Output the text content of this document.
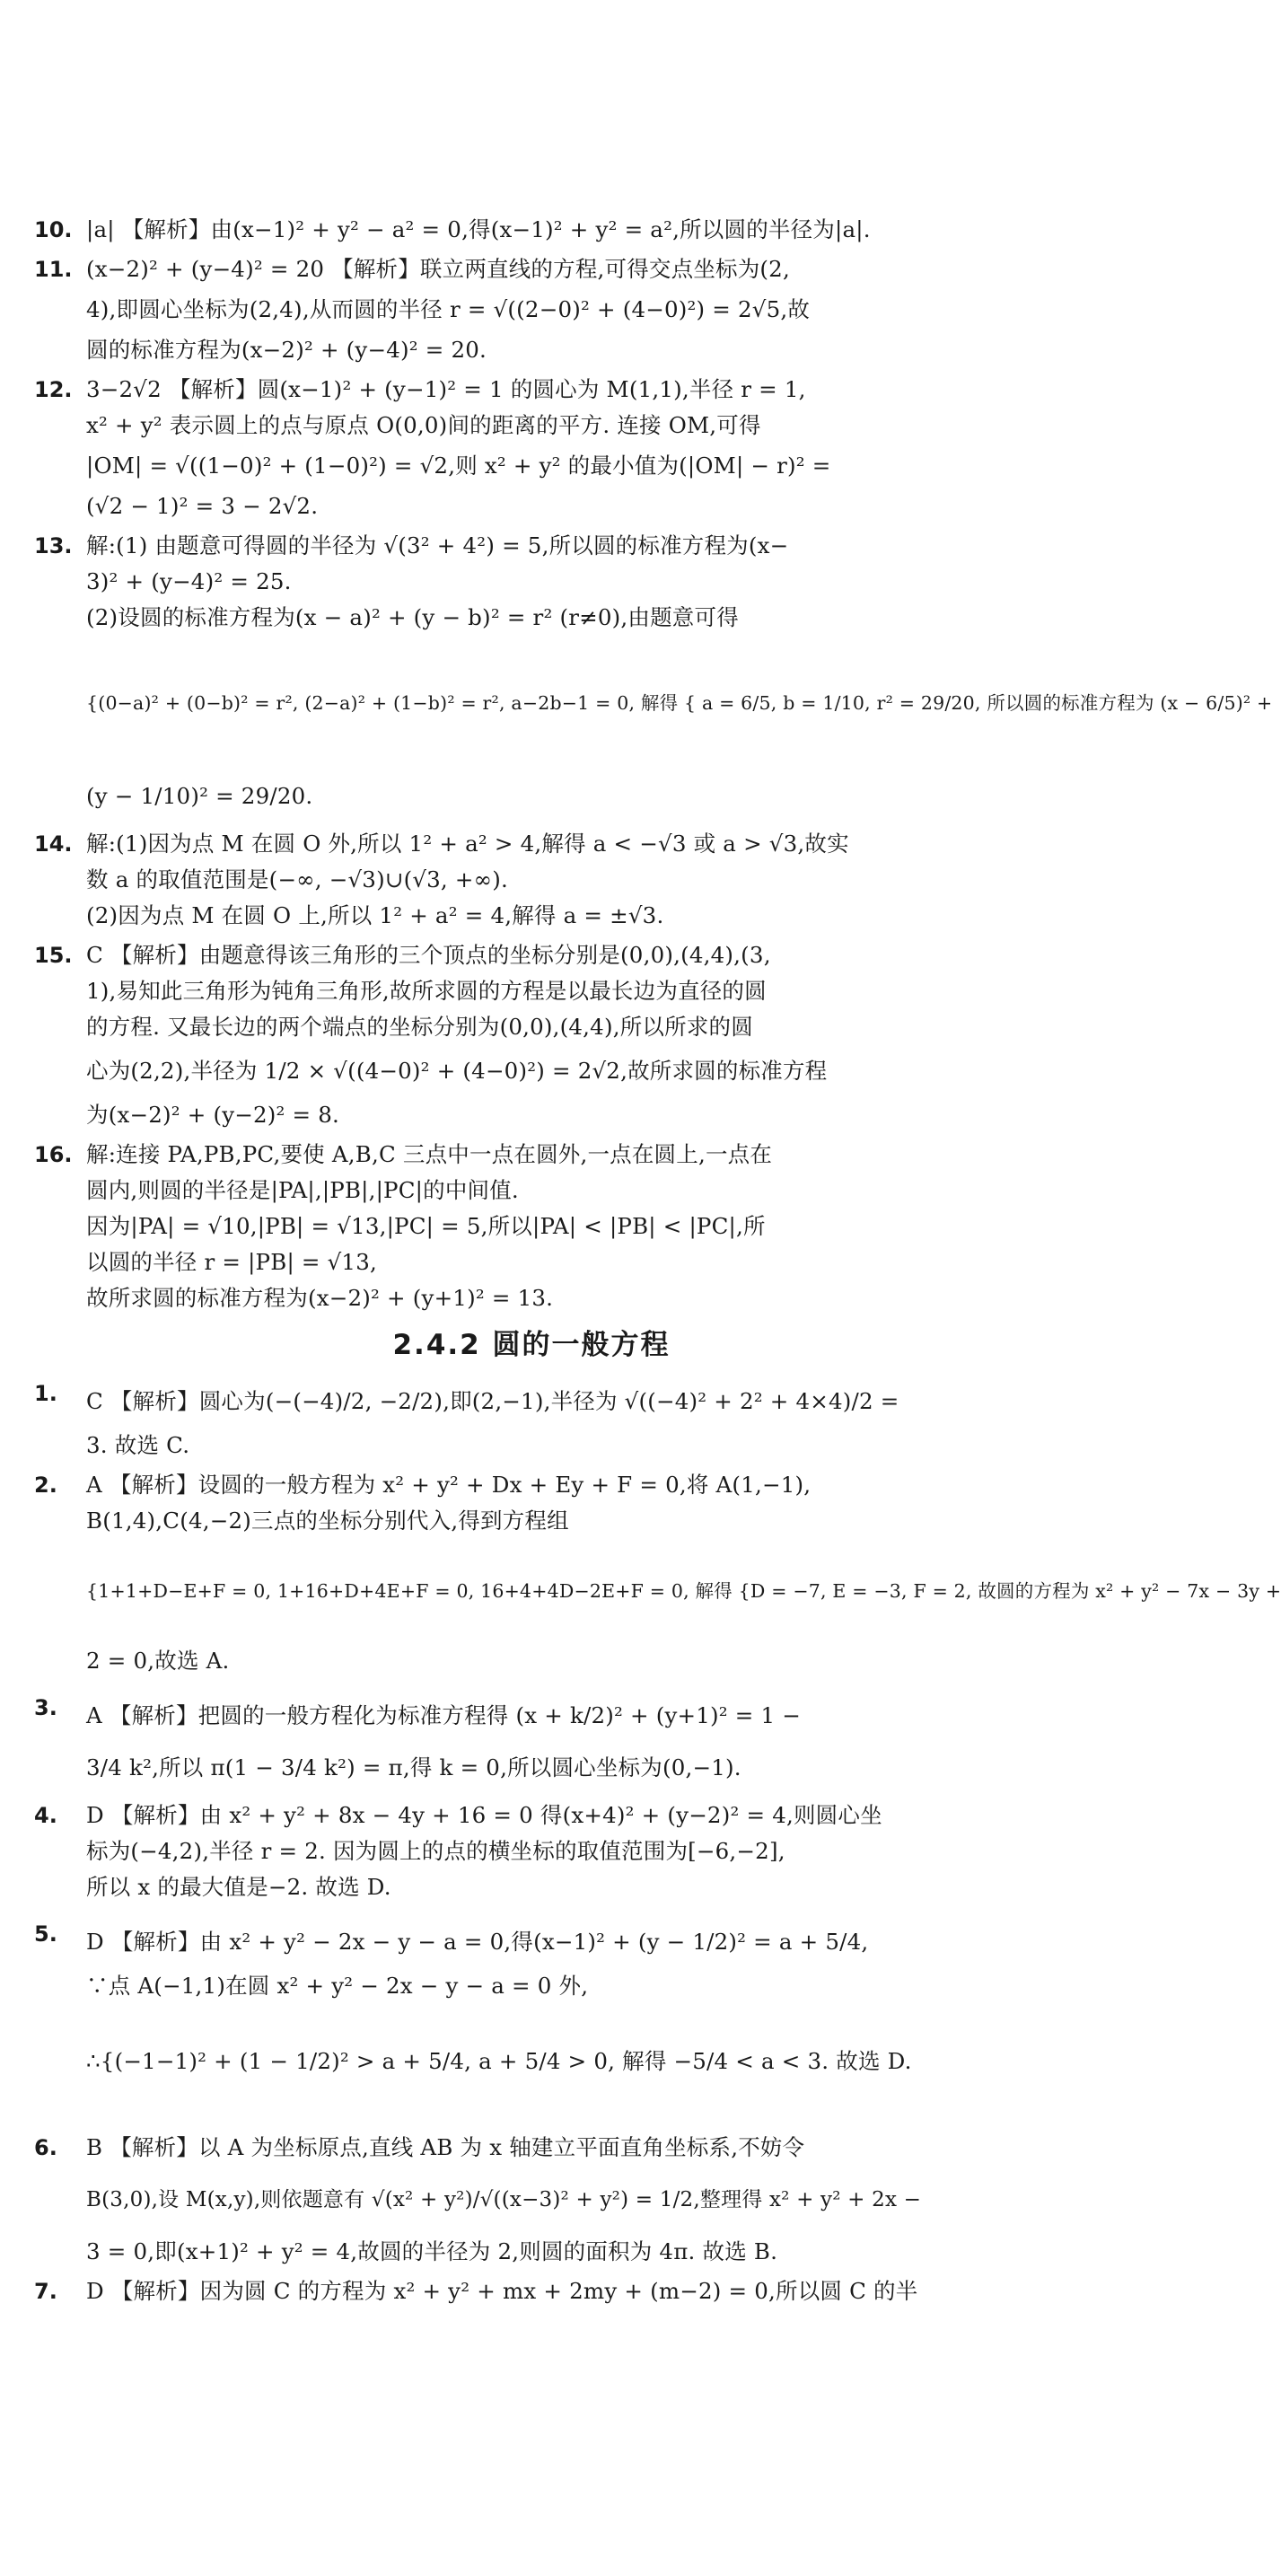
10. |a| 【解析】由(x−1)² + y² − a² = 0,得(x−1)² + y² = a²,所以圆的半径为|a|.
11. (x−2)² + (y−4)² = 20 【解析】联立两直线的方程,可得交点坐标为(2,
4),即圆心坐标为(2,4),从而圆的半径 r = √((2−0)² + (4−0)²) = 2√5,故
圆的标准方程为(x−2)² + (y−4)² = 20.
12. 3−2√2 【解析】圆(x−1)² + (y−1)² = 1 的圆心为 M(1,1),半径 r = 1,
x² + y² 表示圆上的点与原点 O(0,0)间的距离的平方. 连接 OM,可得
|OM| = √((1−0)² + (1−0)²) = √2,则 x² + y² 的最小值为(|OM| − r)² =
(√2 − 1)² = 3 − 2√2.
13. 解:(1) 由题意可得圆的半径为 √(3² + 4²) = 5,所以圆的标准方程为(x−
3)² + (y−4)² = 25.
(2)设圆的标准方程为(x − a)² + (y − b)² = r² (r≠0),由题意可得
{(0−a)² + (0−b)² = r², (2−a)² + (1−b)² = r², a−2b−1 = 0, 解得 { a = 6/5, b = 1/10, r² = 29/20, 所以圆的标准方程为 (x − 6/5)² +
(y − 1/10)² = 29/20.
14. 解:(1)因为点 M 在圆 O 外,所以 1² + a² > 4,解得 a < −√3 或 a > √3,故实
数 a 的取值范围是(−∞, −√3)∪(√3, +∞).
(2)因为点 M 在圆 O 上,所以 1² + a² = 4,解得 a = ±√3.
15. C 【解析】由题意得该三角形的三个顶点的坐标分别是(0,0),(4,4),(3,
1),易知此三角形为钝角三角形,故所求圆的方程是以最长边为直径的圆
的方程. 又最长边的两个端点的坐标分别为(0,0),(4,4),所以所求的圆
心为(2,2),半径为 1/2 × √((4−0)² + (4−0)²) = 2√2,故所求圆的标准方程
为(x−2)² + (y−2)² = 8.
16. 解:连接 PA,PB,PC,要使 A,B,C 三点中一点在圆外,一点在圆上,一点在
圆内,则圆的半径是|PA|,|PB|,|PC|的中间值.
因为|PA| = √10,|PB| = √13,|PC| = 5,所以|PA| < |PB| < |PC|,所
以圆的半径 r = |PB| = √13,
故所求圆的标准方程为(x−2)² + (y+1)² = 13.
2.4.2 圆的一般方程
1.	C 【解析】圆心为(−(−4)/2, −2/2),即(2,−1),半径为 √((−4)² + 2² + 4×4)/2 =
3. 故选 C.
2.	A 【解析】设圆的一般方程为 x² + y² + Dx + Ey + F = 0,将 A(1,−1),
B(1,4),C(4,−2)三点的坐标分别代入,得到方程组
{1+1+D−E+F = 0, 1+16+D+4E+F = 0, 16+4+4D−2E+F = 0, 解得 {D = −7, E = −3, F = 2, 故圆的方程为 x² + y² − 7x − 3y +
2 = 0,故选 A.
3.	A 【解析】把圆的一般方程化为标准方程得 (x + k/2)² + (y+1)² = 1 −
3/4 k²,所以 π(1 − 3/4 k²) = π,得 k = 0,所以圆心坐标为(0,−1).
4.	D 【解析】由 x² + y² + 8x − 4y + 16 = 0 得(x+4)² + (y−2)² = 4,则圆心坐
标为(−4,2),半径 r = 2. 因为圆上的点的横坐标的取值范围为[−6,−2],
所以 x 的最大值是−2. 故选 D.
5.	D 【解析】由 x² + y² − 2x − y − a = 0,得(x−1)² + (y − 1/2)² = a + 5/4,
∵点 A(−1,1)在圆 x² + y² − 2x − y − a = 0 外,
∴{(−1−1)² + (1 − 1/2)² > a + 5/4, a + 5/4 > 0, 解得 −5/4 < a < 3. 故选 D.
6.	B 【解析】以 A 为坐标原点,直线 AB 为 x 轴建立平面直角坐标系,不妨令
B(3,0),设 M(x,y),则依题意有 √(x² + y²)/√((x−3)² + y²) = 1/2,整理得 x² + y² + 2x −
3 = 0,即(x+1)² + y² = 4,故圆的半径为 2,则圆的面积为 4π. 故选 B.
7.	D 【解析】因为圆 C 的方程为 x² + y² + mx + 2my + (m−2) = 0,所以圆 C 的半
